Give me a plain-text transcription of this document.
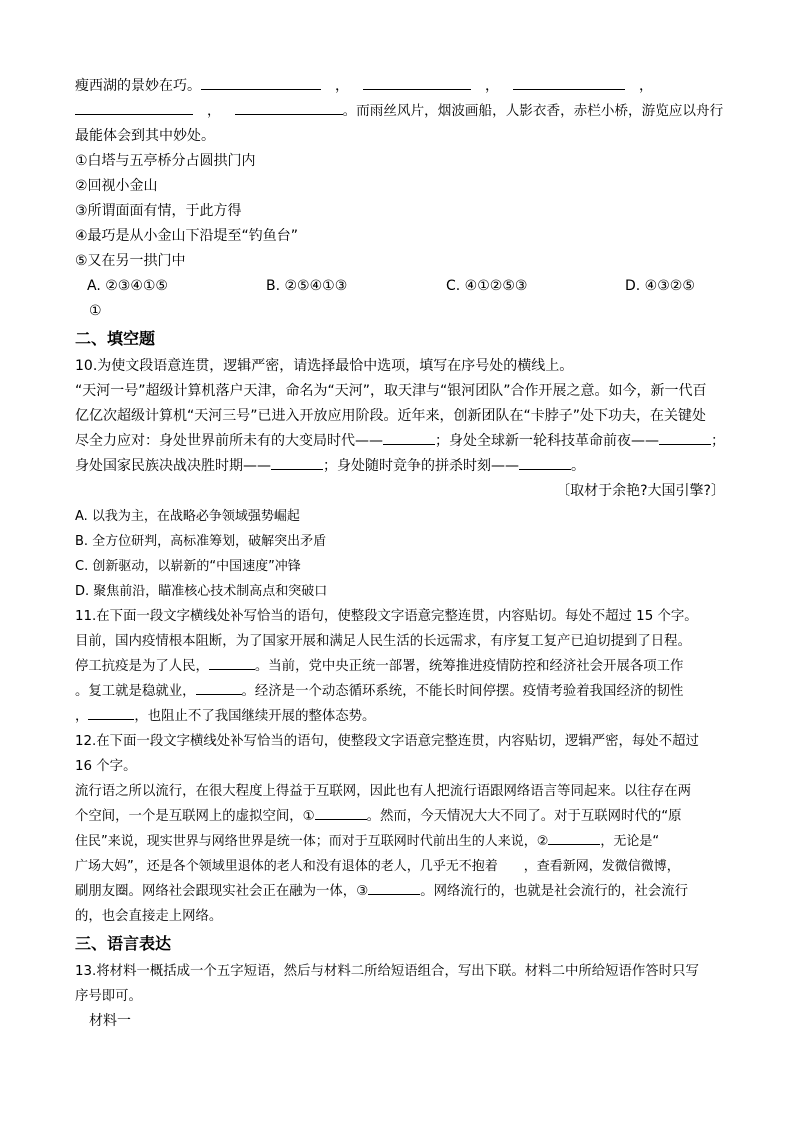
瘦西湖的景妙在巧。	，	，	，
，	。而雨丝风片，烟波画船，人影衣香，赤栏小桥，游览应以舟行
最能体会到其中妙处。
①白塔与五亭桥分占圆拱门内
②回视小金山
③所谓面面有情，于此方得
④最巧是从小金山下沿堤至“钓鱼台”
⑤又在另一拱门中
A. ②③④①⑤	B. ②⑤④①③	C. ④①②⑤③	D. ④③②⑤
①
二、填空题
10.为使文段语意连贯，逻辑严密，请选择最恰中选项，填写在序号处的横线上。
“天河一号”超级计算机落户天津，命名为“天河”，取天津与“银河团队”合作开展之意。如今，新一代百
亿亿次超级计算机“天河三号”已进入开放应用阶段。近年来，创新团队在“卡脖子”处下功夫，在关键处
尽全力应对：身处世界前所未有的大变局时代——	；身处全球新一轮科技革命前夜——	；
身处国家民族决战决胜时期——	；身处随时竞争的拼杀时刻——	。
〔取材于余艳?大国引擎?〕
A. 以我为主，在战略必争领域强势崛起
B. 全方位研判，高标准筹划，破解突出矛盾
C. 创新驱动，以崭新的“中国速度”冲锋
D. 聚焦前沿，瞄准核心技术制高点和突破口
11.在下面一段文字横线处补写恰当的语句，使整段文字语意完整连贯，内容贴切。每处不超过 15 个字。
目前，国内疫情根本阻断，为了国家开展和满足人民生活的长远需求，有序复工复产已迫切提到了日程。
停工抗疫是为了人民，	。当前，党中央正统一部署，统筹推进疫情防控和经济社会开展各项工作
。复工就是稳就业，	。经济是一个动态循环系统，不能长时间停摆。疫情考验着我国经济的韧性
，	，也阻止不了我国继续开展的整体态势。
12.在下面一段文字横线处补写恰当的语句，使整段文字语意完整连贯，内容贴切，逻辑严密，每处不超过
16 个字。
流行语之所以流行，在很大程度上得益于互联网，因此也有人把流行语跟网络语言等同起来。以往存在两
个空间，一个是互联网上的虚拟空间，①	。然而，今天情况大大不同了。对于互联网时代的“原
住民”来说，现实世界与网络世界是统一体；而对于互联网时代前出生的人来说，②	，无论是“
广场大妈”，还是各个领域里退体的老人和没有退体的老人，几乎无不抱着　　，查看新网，发微信微博，
刷朋友圈。网络社会跟现实社会正在融为一体，③	。网络流行的，也就是社会流行的，社会流行
的，也会直接走上网络。
三、语言表达
13.将材料一概括成一个五字短语，然后与材料二所给短语组合，写出下联。材料二中所给短语作答时只写
序号即可。
材料一
